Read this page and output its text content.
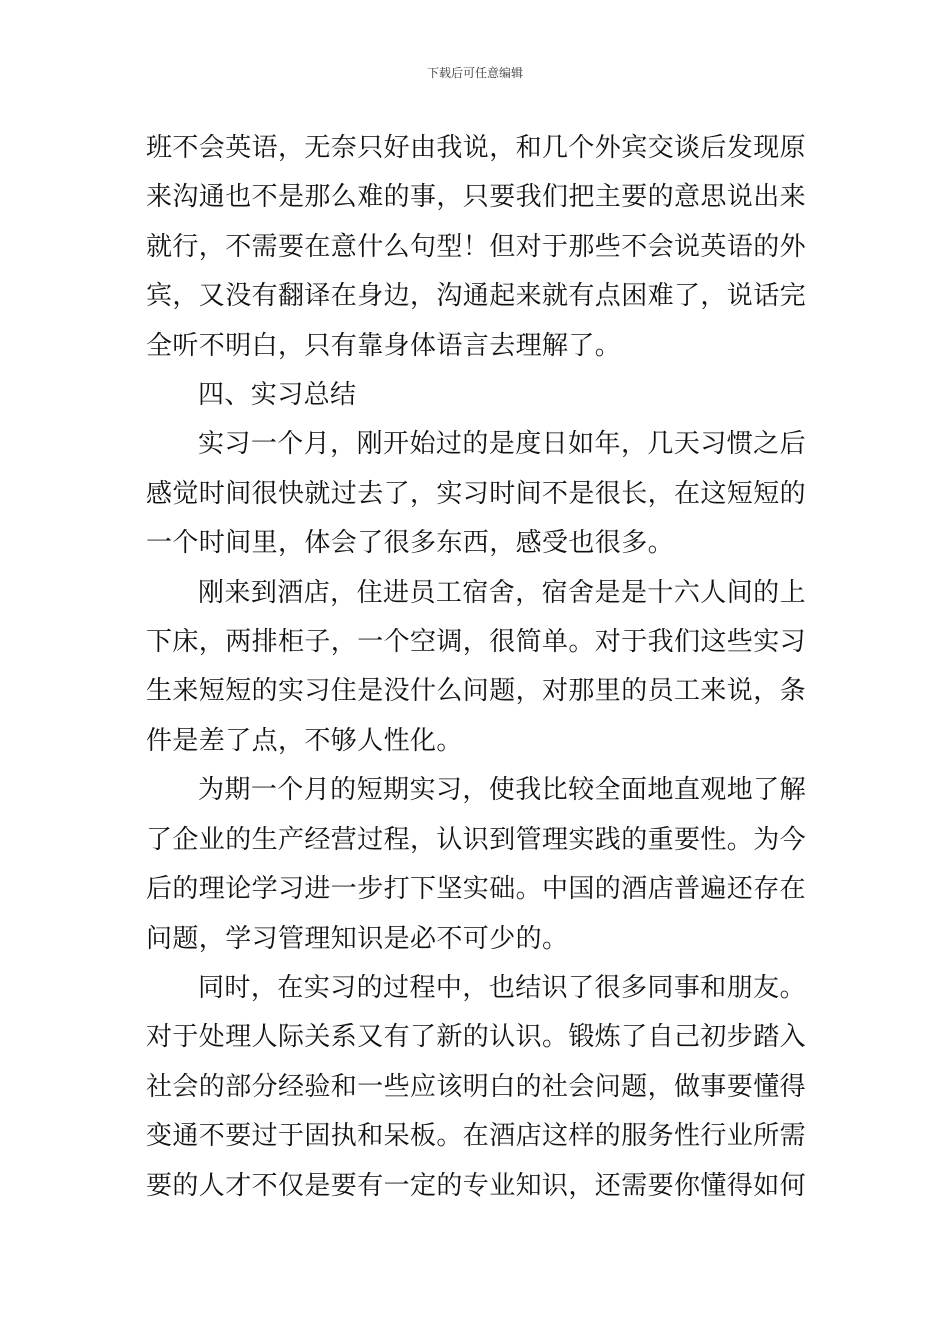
下载后可任意编辑

班不会英语，无奈只好由我说，和几个外宾交谈后发现原来沟通也不是那么难的事，只要我们把主要的意思说出来就行，不需要在意什么句型！但对于那些不会说英语的外宾，又没有翻译在身边，沟通起来就有点困难了，说话完全听不明白，只有靠身体语言去理解了。

四、实习总结

实习一个月，刚开始过的是度日如年，几天习惯之后感觉时间很快就过去了，实习时间不是很长，在这短短的一个时间里，体会了很多东西，感受也很多。

刚来到酒店，住进员工宿舍，宿舍是是十六人间的上下床，两排柜子，一个空调，很简单。对于我们这些实习生来短短的实习住是没什么问题，对那里的员工来说，条件是差了点，不够人性化。

为期一个月的短期实习，使我比较全面地直观地了解了企业的生产经营过程，认识到管理实践的重要性。为今后的理论学习进一步打下坚实础。中国的酒店普遍还存在问题，学习管理知识是必不可少的。

同时，在实习的过程中，也结识了很多同事和朋友。对于处理人际关系又有了新的认识。锻炼了自己初步踏入社会的部分经验和一些应该明白的社会问题，做事要懂得变通不要过于固执和呆板。在酒店这样的服务性行业所需要的人才不仅是要有一定的专业知识，还需要你懂得如何
